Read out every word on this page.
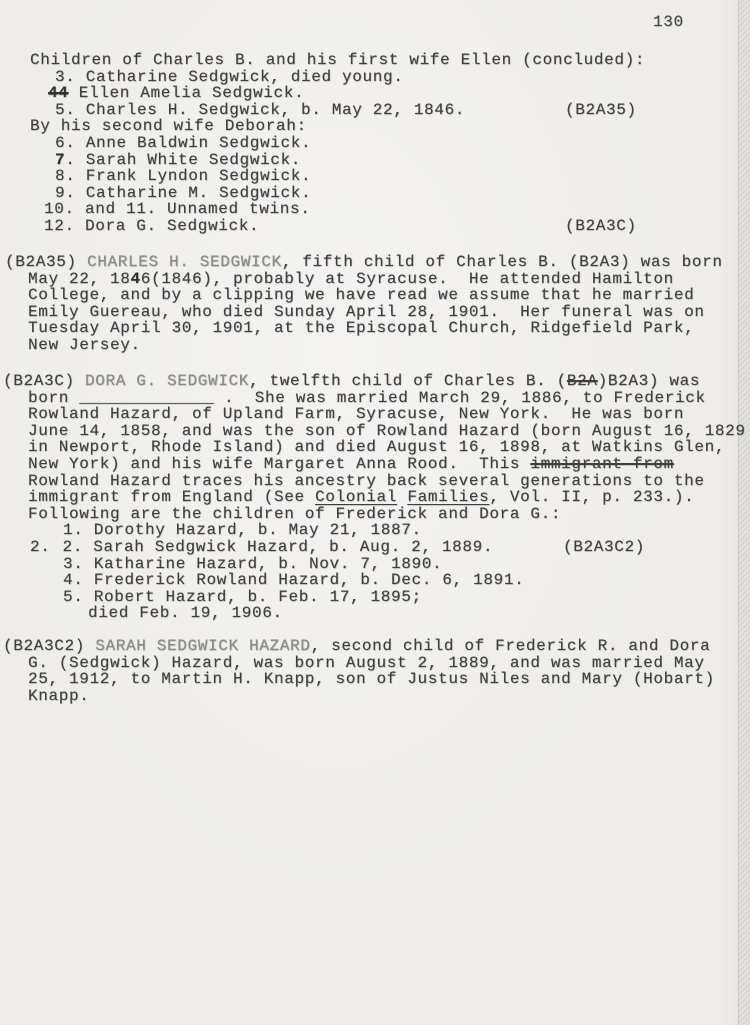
130
Children of Charles B. and his first wife Ellen (concluded):
3. Catharine Sedgwick, died young.
44 Ellen Amelia Sedgwick.
5. Charles H. Sedgwick, b. May 22, 1846.	(B2A35)
By his second wife Deborah:
6. Anne Baldwin Sedgwick.
7. Sarah White Sedgwick.
8. Frank Lyndon Sedgwick.
9. Catharine M. Sedgwick.
10. and 11. Unnamed twins.
12. Dora G. Sedgwick.	(B2A3C)
(B2A35) CHARLES H. SEDGWICK, fifth child of Charles B. (B2A3) was born
May 22, 1846(1846), probably at Syracuse.  He attended Hamilton
College, and by a clipping we have read we assume that he married
Emily Guereau, who died Sunday April 28, 1901.  Her funeral was on
Tuesday April 30, 1901, at the Episcopal Church, Ridgefield Park,
New Jersey.
(B2A3C) DORA G. SEDGWICK, twelfth child of Charles B. (B2A)B2A3) was
born ______________ .  She was married March 29, 1886, to Frederick
Rowland Hazard, of Upland Farm, Syracuse, New York.  He was born
June 14, 1858, and was the son of Rowland Hazard (born August 16, 1829
in Newport, Rhode Island) and died August 16, 1898, at Watkins Glen,
New York) and his wife Margaret Anna Rood.  This immigrant from
Rowland Hazard traces his ancestry back several generations to the
immigrant from England (See Colonial Families, Vol. II, p. 233.).
Following are the children of Frederick and Dora G.:
1. Dorothy Hazard, b. May 21, 1887.
2. 2. Sarah Sedgwick Hazard, b. Aug. 2, 1889.	(B2A3C2)
3. Katharine Hazard, b. Nov. 7, 1890.
4. Frederick Rowland Hazard, b. Dec. 6, 1891.
5. Robert Hazard, b. Feb. 17, 1895;
died Feb. 19, 1906.
(B2A3C2) SARAH SEDGWICK HAZARD, second child of Frederick R. and Dora
G. (Sedgwick) Hazard, was born August 2, 1889, and was married May
25, 1912, to Martin H. Knapp, son of Justus Niles and Mary (Hobart)
Knapp.
